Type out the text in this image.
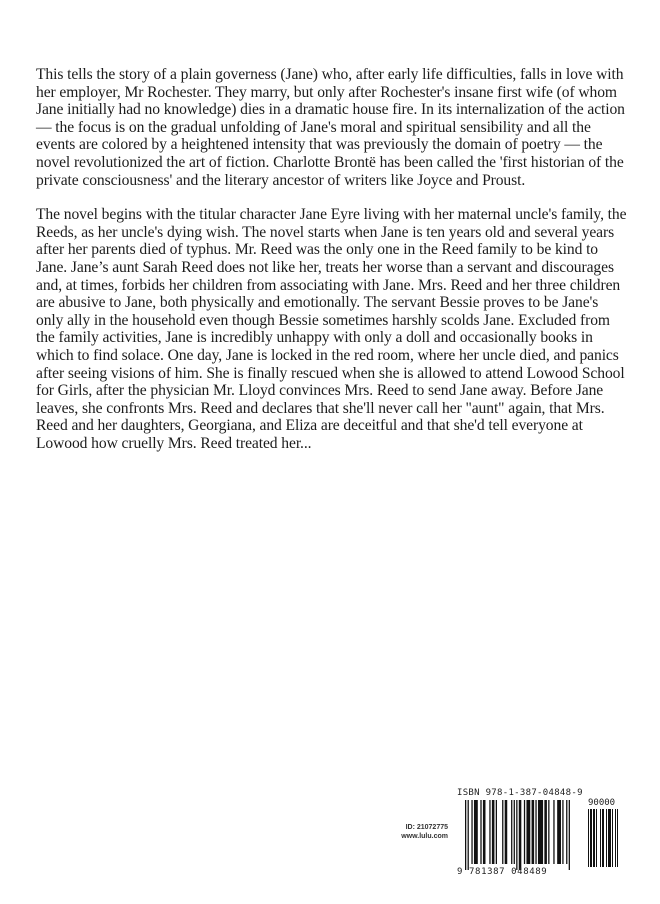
This tells the story of a plain governess (Jane) who, after early life difficulties, falls in love with her employer, Mr Rochester. They marry, but only after Rochester's insane first wife (of whom Jane initially had no knowledge) dies in a dramatic house fire. In its internalization of the action — the focus is on the gradual unfolding of Jane's moral and spiritual sensibility and all the events are colored by a heightened intensity that was previously the domain of poetry — the novel revolutionized the art of fiction. Charlotte Brontë has been called the 'first historian of the private consciousness' and the literary ancestor of writers like Joyce and Proust.

The novel begins with the titular character Jane Eyre living with her maternal uncle's family, the Reeds, as her uncle's dying wish. The novel starts when Jane is ten years old and several years after her parents died of typhus. Mr. Reed was the only one in the Reed family to be kind to Jane. Jane’s aunt Sarah Reed does not like her, treats her worse than a servant and discourages and, at times, forbids her children from associating with Jane. Mrs. Reed and her three children are abusive to Jane, both physically and emotionally. The servant Bessie proves to be Jane's only ally in the household even though Bessie sometimes harshly scolds Jane. Excluded from the family activities, Jane is incredibly unhappy with only a doll and occasionally books in which to find solace. One day, Jane is locked in the red room, where her uncle died, and panics after seeing visions of him. She is finally rescued when she is allowed to attend Lowood School for Girls, after the physician Mr. Lloyd convinces Mrs. Reed to send Jane away. Before Jane leaves, she confronts Mrs. Reed and declares that she'll never call her "aunt" again, that Mrs. Reed and her daughters, Georgiana, and Eliza are deceitful and that she'd tell everyone at Lowood how cruelly Mrs. Reed treated her...

ID: 21072775
www.lulu.com
ISBN 978-1-387-04848-9
90000
9 781387 048489
